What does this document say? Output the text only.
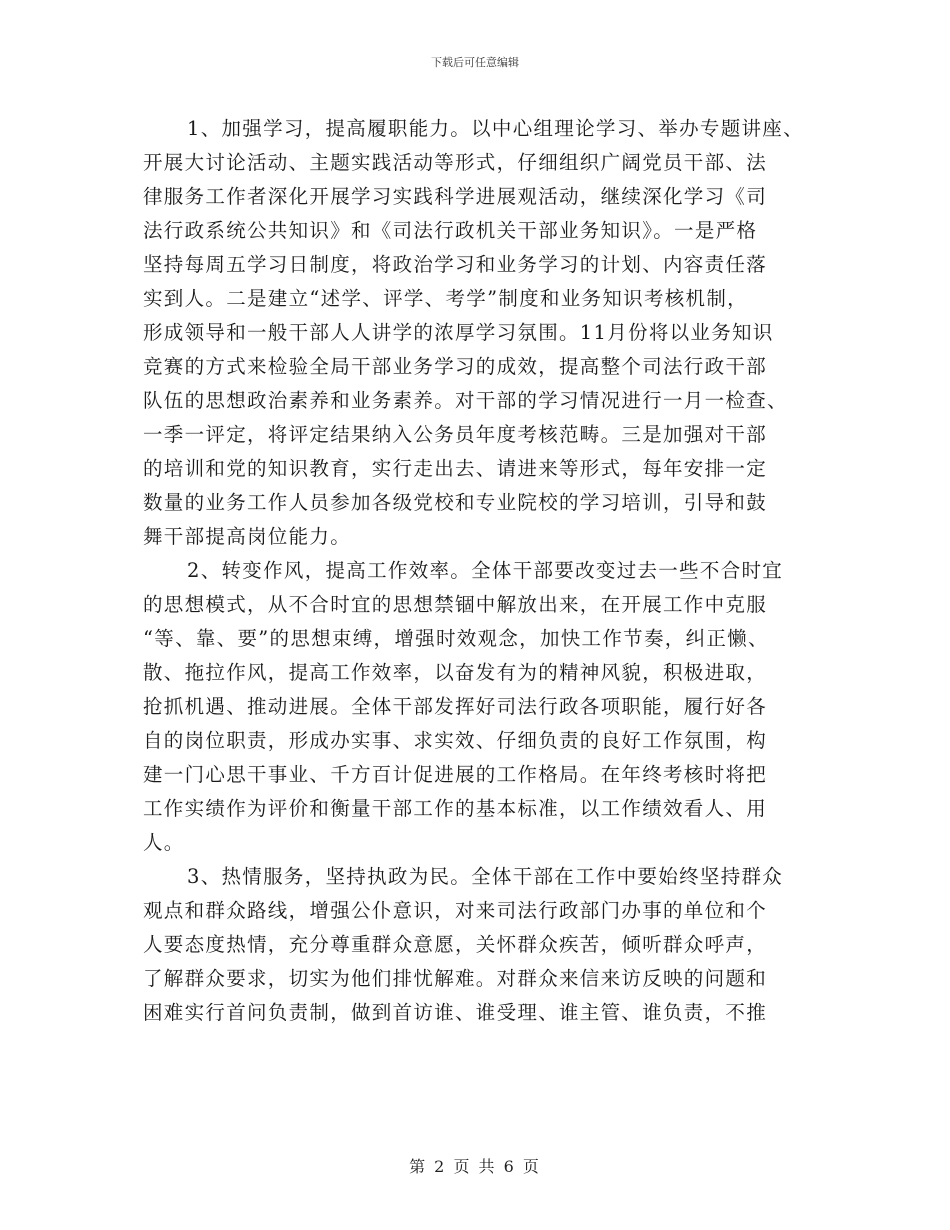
下载后可任意编辑
1、加强学习，提高履职能力。以中心组理论学习、举办专题讲座、
开展大讨论活动、主题实践活动等形式，仔细组织广阔党员干部、法
律服务工作者深化开展学习实践科学进展观活动，继续深化学习《司
法行政系统公共知识》和《司法行政机关干部业务知识》。一是严格
坚持每周五学习日制度，将政治学习和业务学习的计划、内容责任落
实到人。二是建立“述学、评学、考学”制度和业务知识考核机制，
形成领导和一般干部人人讲学的浓厚学习氛围。11月份将以业务知识
竞赛的方式来检验全局干部业务学习的成效，提高整个司法行政干部
队伍的思想政治素养和业务素养。对干部的学习情况进行一月一检查、
一季一评定，将评定结果纳入公务员年度考核范畴。三是加强对干部
的培训和党的知识教育，实行走出去、请进来等形式，每年安排一定
数量的业务工作人员参加各级党校和专业院校的学习培训，引导和鼓
舞干部提高岗位能力。
2、转变作风，提高工作效率。全体干部要改变过去一些不合时宜
的思想模式，从不合时宜的思想禁锢中解放出来，在开展工作中克服
“等、靠、要”的思想束缚，增强时效观念，加快工作节奏，纠正懒、
散、拖拉作风，提高工作效率，以奋发有为的精神风貌，积极进取，
抢抓机遇、推动进展。全体干部发挥好司法行政各项职能，履行好各
自的岗位职责，形成办实事、求实效、仔细负责的良好工作氛围，构
建一门心思干事业、千方百计促进展的工作格局。在年终考核时将把
工作实绩作为评价和衡量干部工作的基本标准，以工作绩效看人、用
人。
3、热情服务，坚持执政为民。全体干部在工作中要始终坚持群众
观点和群众路线，增强公仆意识，对来司法行政部门办事的单位和个
人要态度热情，充分尊重群众意愿，关怀群众疾苦，倾听群众呼声，
了解群众要求，切实为他们排忧解难。对群众来信来访反映的问题和
困难实行首问负责制，做到首访谁、谁受理、谁主管、谁负责，不推
第 2 页 共 6 页
